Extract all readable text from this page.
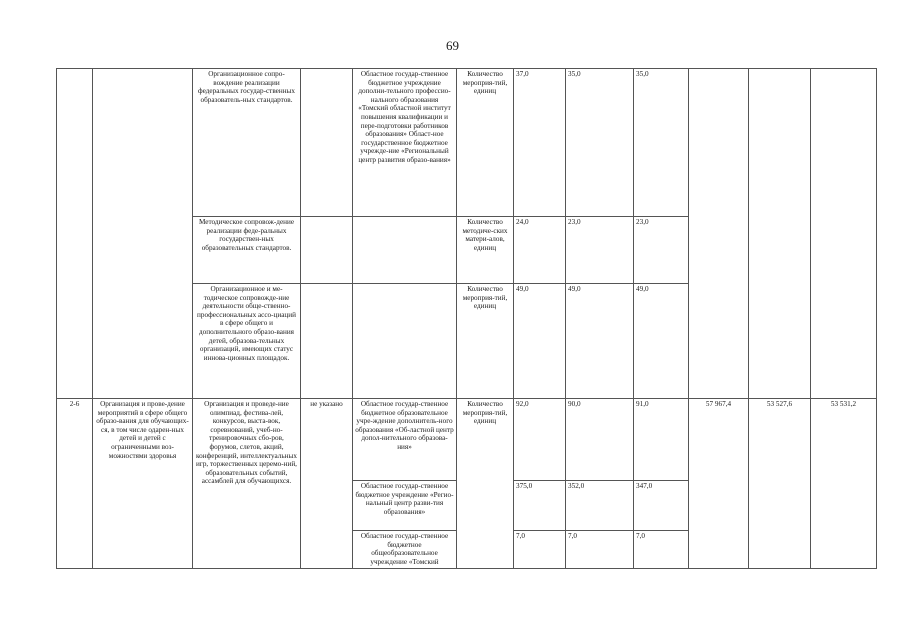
69
		Организационное сопро-вождение реализации федеральных государ-ственных образователь-ных стандартов.		Областное государ-ственное бюджетное учреждение дополни-тельного профессио-нального образования «Томский областной институт повышения квалификации и пере-подготовки работников образования» Област-ное государственное бюджетное учрежде-ние «Региональный центр развития образо-вания»	Количество мероприя-тий, единиц	37,0	35,0	35,0			
		Методическое сопровож-дение реализации феде-ральных государствен-ных образовательных стандартов.			Количество методиче-ских матери-алов, единиц	24,0	23,0	23,0			
		Организационное и ме-тодическое сопровожде-ние деятельности обще-ственно-профессиональных ассо-циаций в сфере общего и дополнительного образо-вания детей, образова-тельных организаций, имеющих статус иннова-ционных площадок.			Количество мероприя-тий, единиц	49,0	49,0	49,0			
2-6	Организация и прове-дение мероприятий в сфере общего образо-вания для обучающих-ся, в том числе одарен-ных детей и детей с ограниченными воз-можностями здоровья	Организация и проведе-ние олимпиад, фестива-лей, конкурсов, выста-вок, соревнований, учеб-но-тренировочных сбо-ров, форумов, слетов, акций, конференций, интеллектуальных игр, торжественных церемо-ний, образовательных событий, ассамблей для обучающихся.	не указано	Областное государ-ственное бюджетное образовательное учре-ждение дополнитель-ного образования «Об-ластной центр допол-нительного образова-ния»	Количество мероприя-тий, единиц	92,0	90,0	91,0	57 967,4	53 527,6	53 531,2
				Областное государ-ственное бюджетное учреждение «Регио-нальный центр разви-тия образования»		375,0	352,0	347,0			
				Областное государ-ственное бюджетное общеобразовательное учреждение «Томский		7,0	7,0	7,0			
